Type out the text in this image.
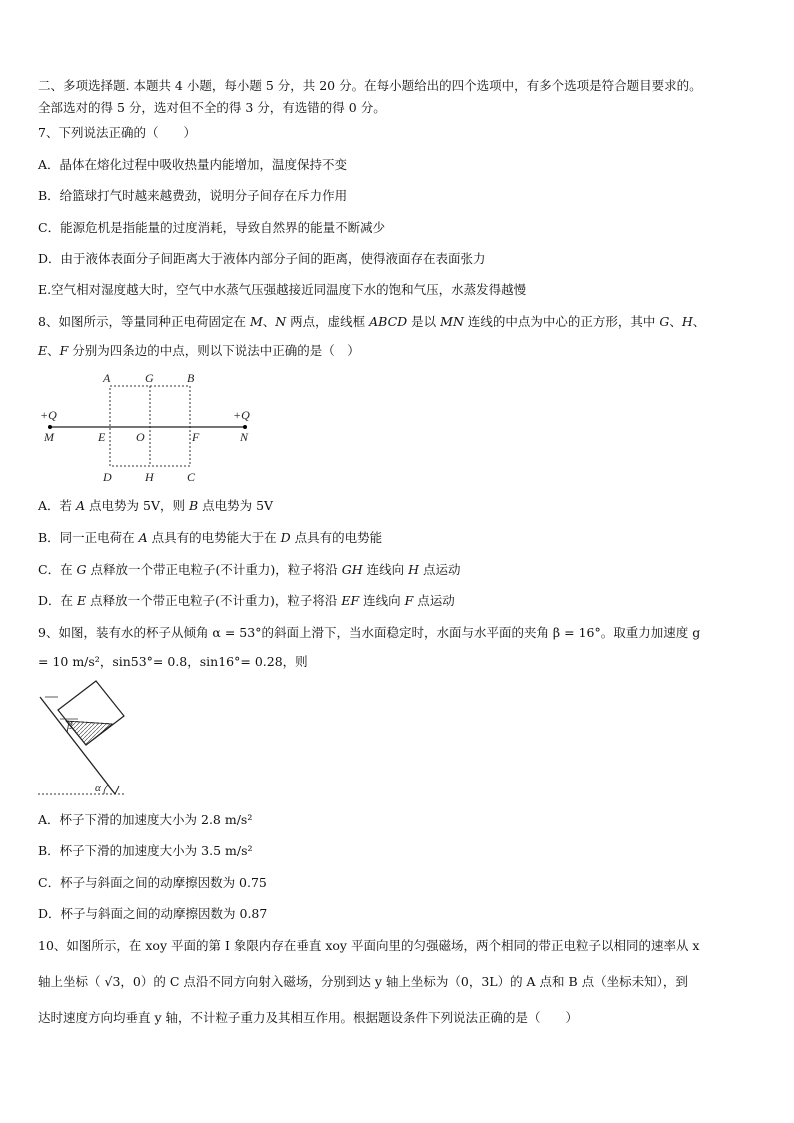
二、多项选择题. 本题共 4 小题，每小题 5 分，共 20 分。在每小题给出的四个选项中，有多个选项是符合题目要求的。
全部选对的得 5 分，选对但不全的得 3 分，有选错的得 0 分。
7、下列说法正确的（　　）
A．晶体在熔化过程中吸收热量内能增加，温度保持不变
B．给篮球打气时越来越费劲，说明分子间存在斥力作用
C．能源危机是指能量的过度消耗，导致自然界的能量不断减少
D．由于液体表面分子间距离大于液体内部分子间的距离，使得液面存在表面张力
E.空气相对湿度越大时，空气中水蒸气压强越接近同温度下水的饱和气压，水蒸发得越慢
8、如图所示，等量同种正电荷固定在 M、N 两点，虚线框 ABCD 是以 MN 连线的中点为中心的正方形，其中 G、H、
E、F 分别为四条边的中点，则以下说法中正确的是（　）
A	G	B
+Q	+Q
M	E	O	F	N
D	H	C
A．若 A 点电势为 5V，则 B 点电势为 5V
B．同一正电荷在 A 点具有的电势能大于在 D 点具有的电势能
C．在 G 点释放一个带正电粒子(不计重力)，粒子将沿 GH 连线向 H 点运动
D．在 E 点释放一个带正电粒子(不计重力)，粒子将沿 EF 连线向 F 点运动
9、如图，装有水的杯子从倾角 α = 53°的斜面上滑下，当水面稳定时，水面与水平面的夹角 β = 16°。取重力加速度 g
= 10 m/s²，sin53°= 0.8，sin16°= 0.28，则
β
α
A．杯子下滑的加速度大小为 2.8 m/s²
B．杯子下滑的加速度大小为 3.5 m/s²
C．杯子与斜面之间的动摩擦因数为 0.75
D．杯子与斜面之间的动摩擦因数为 0.87
10、如图所示，在 xoy 平面的第 I 象限内存在垂直 xoy 平面向里的匀强磁场，两个相同的带正电粒子以相同的速率从 x
轴上坐标（ √3，0）的 C 点沿不同方向射入磁场，分别到达 y 轴上坐标为（0，3L）的 A 点和 B 点（坐标未知），到
达时速度方向均垂直 y 轴，不计粒子重力及其相互作用。根据题设条件下列说法正确的是（　　）
